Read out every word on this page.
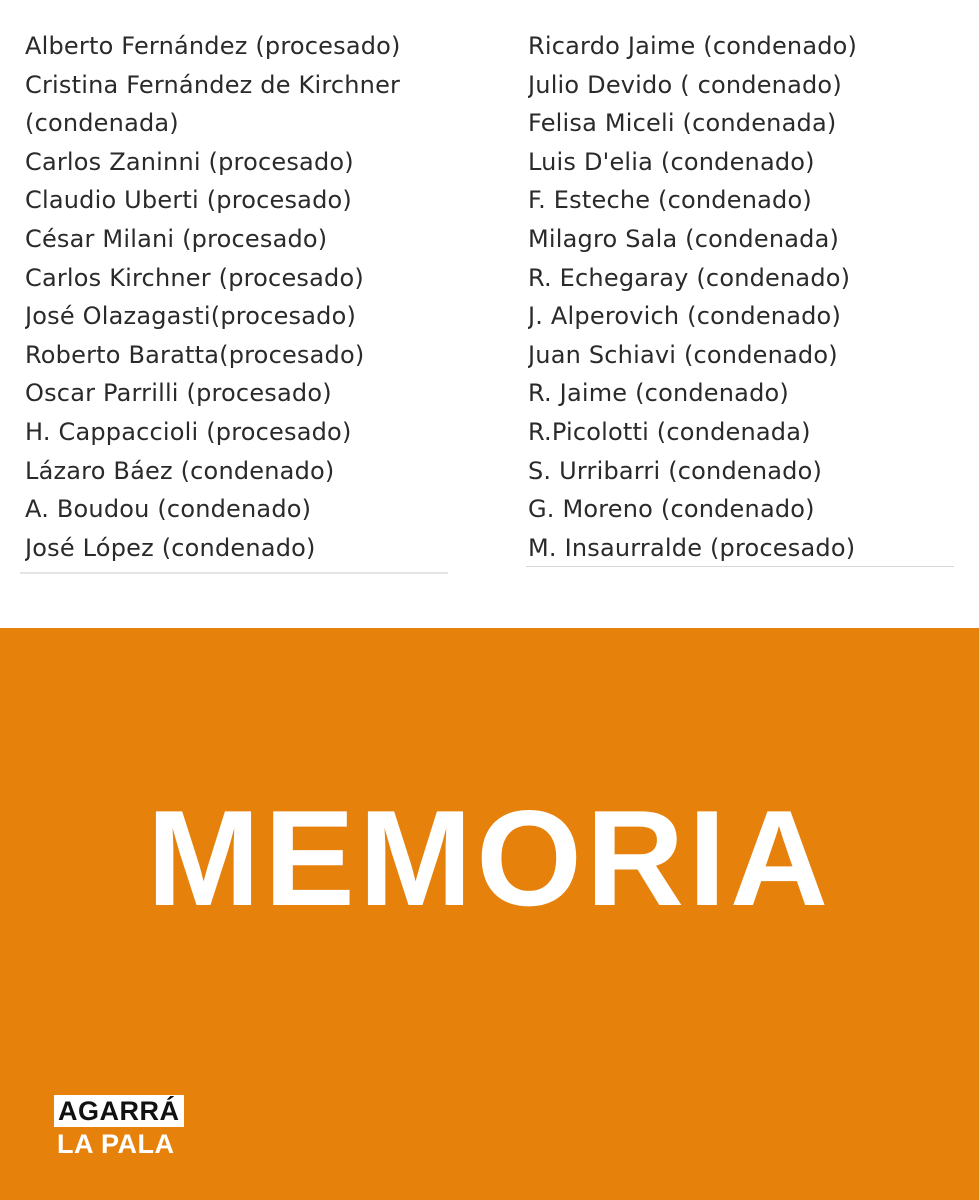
Alberto Fernández (procesado)
Cristina Fernández de Kirchner
(condenada)
Carlos Zaninni (procesado)
Claudio Uberti (procesado)
César Milani (procesado)
Carlos Kirchner (procesado)
José Olazagasti(procesado)
Roberto Baratta(procesado)
Oscar Parrilli (procesado)
H. Cappaccioli (procesado)
Lázaro Báez (condenado)
A. Boudou (condenado)
José López (condenado)
Ricardo Jaime (condenado)
Julio Devido ( condenado)
Felisa Miceli (condenada)
Luis D'elia (condenado)
F. Esteche (condenado)
Milagro Sala (condenada)
R. Echegaray (condenado)
J. Alperovich (condenado)
Juan Schiavi (condenado)
R. Jaime (condenado)
R.Picolotti (condenada)
S. Urribarri (condenado)
G. Moreno (condenado)
M. Insaurralde (procesado)
MEMORIA
AGARRÁ
LA PALA
